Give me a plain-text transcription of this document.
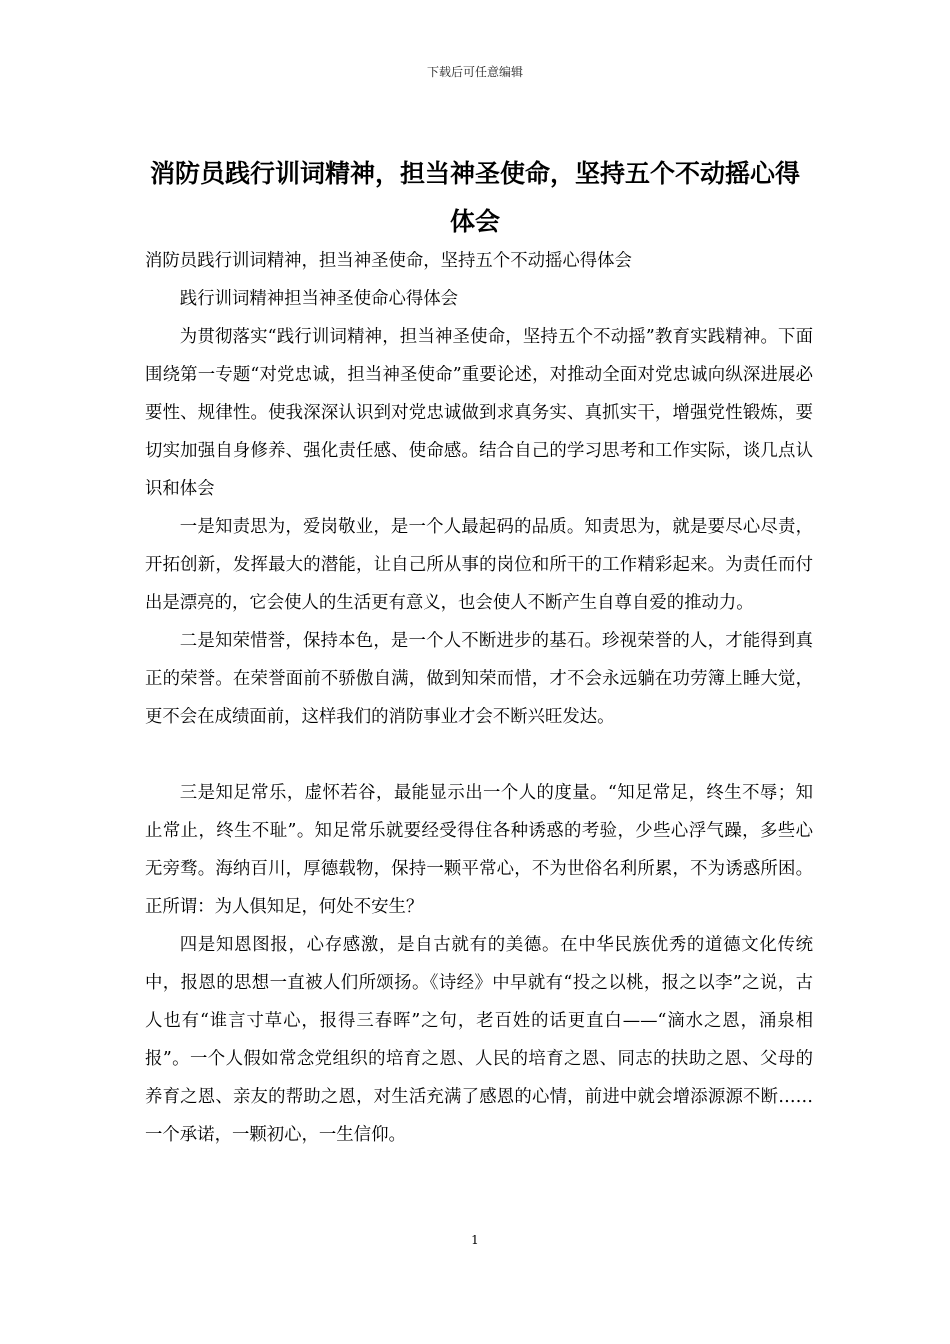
下载后可任意编辑
消防员践行训词精神，担当神圣使命，坚持五个不动摇心得体会

消防员践行训词精神，担当神圣使命，坚持五个不动摇心得体会

践行训词精神担当神圣使命心得体会

为贯彻落实“践行训词精神，担当神圣使命，坚持五个不动摇”教育实践精神。下面围绕第一专题“对党忠诚，担当神圣使命”重要论述，对推动全面对党忠诚向纵深进展必要性、规律性。使我深深认识到对党忠诚做到求真务实、真抓实干，增强党性锻炼，要切实加强自身修养、强化责任感、使命感。结合自己的学习思考和工作实际，谈几点认识和体会

一是知责思为，爱岗敬业，是一个人最起码的品质。知责思为，就是要尽心尽责，开拓创新，发挥最大的潜能，让自己所从事的岗位和所干的工作精彩起来。为责任而付出是漂亮的，它会使人的生活更有意义，也会使人不断产生自尊自爱的推动力。

二是知荣惜誉，保持本色，是一个人不断进步的基石。珍视荣誉的人，才能得到真正的荣誉。在荣誉面前不骄傲自满，做到知荣而惜，才不会永远躺在功劳簿上睡大觉，更不会在成绩面前，这样我们的消防事业才会不断兴旺发达。

三是知足常乐，虚怀若谷，最能显示出一个人的度量。“知足常足，终生不辱；知止常止，终生不耻”。知足常乐就要经受得住各种诱惑的考验，少些心浮气躁，多些心无旁骛。海纳百川，厚德载物，保持一颗平常心，不为世俗名利所累，不为诱惑所困。正所谓：为人俱知足，何处不安生？

四是知恩图报，心存感激，是自古就有的美德。在中华民族优秀的道德文化传统中，报恩的思想一直被人们所颂扬。《诗经》中早就有“投之以桃，报之以李”之说，古人也有“谁言寸草心，报得三春晖”之句，老百姓的话更直白——“滴水之恩，涌泉相报”。一个人假如常念党组织的培育之恩、人民的培育之恩、同志的扶助之恩、父母的养育之恩、亲友的帮助之恩，对生活充满了感恩的心情，前进中就会增添源源不断……一个承诺，一颗初心，一生信仰。

1
